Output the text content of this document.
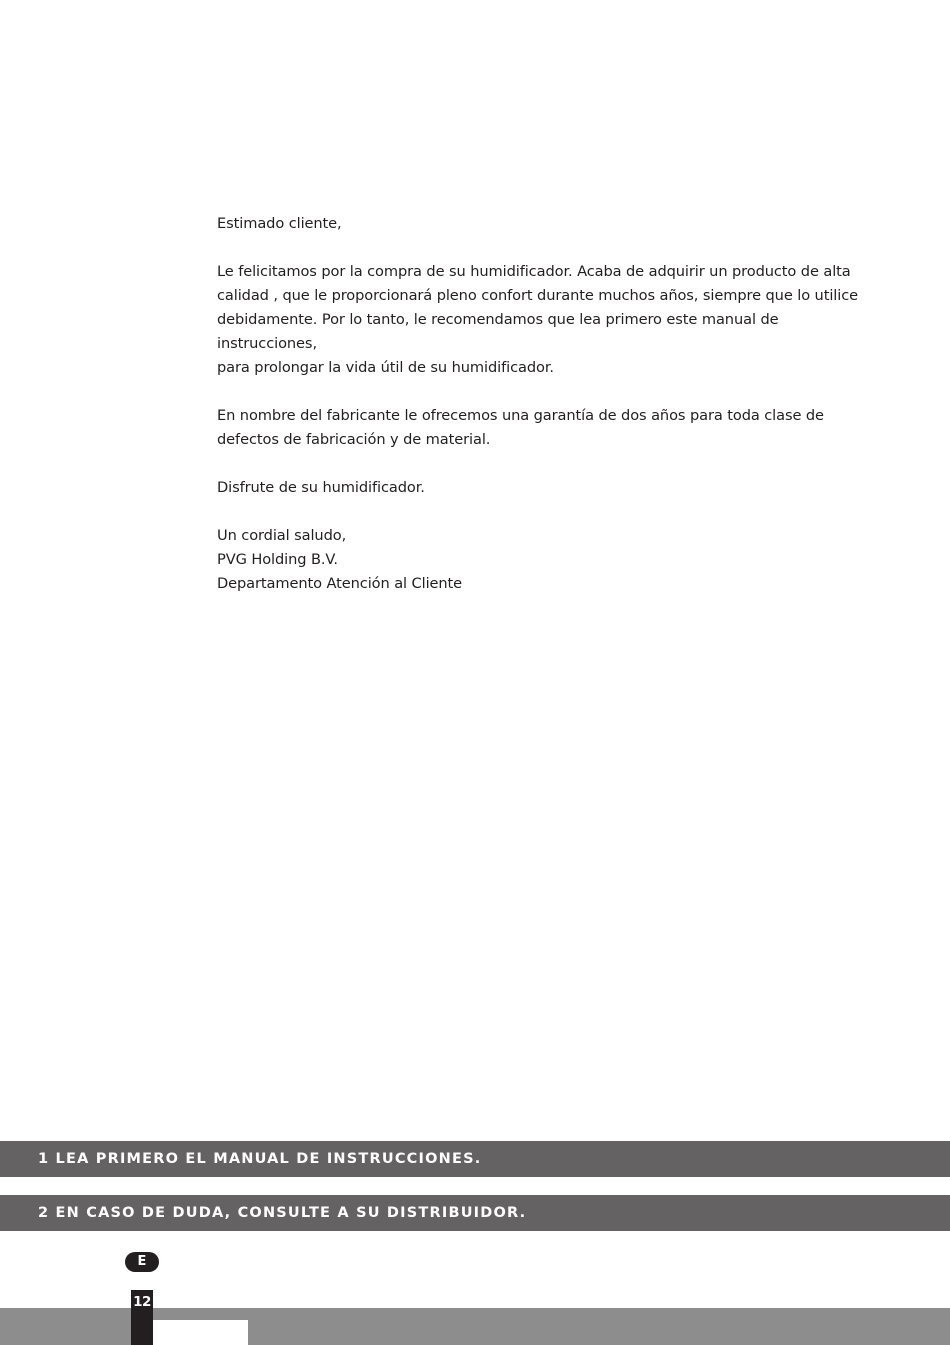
Estimado cliente,

Le felicitamos por la compra de su humidificador. Acaba de adquirir un producto de alta
calidad , que le proporcionará pleno confort durante muchos años, siempre que lo utilice
debidamente. Por lo tanto, le recomendamos que lea primero este manual de instrucciones,
para prolongar la vida útil de su humidificador.

En nombre del fabricante le ofrecemos una garantía de dos años para toda clase de
defectos de fabricación y de material.

Disfrute de su humidificador.

Un cordial saludo,

PVG Holding B.V.

Departamento Atención al Cliente

1 LEA PRIMERO EL MANUAL DE INSTRUCCIONES.
2 EN CASO DE DUDA, CONSULTE A SU DISTRIBUIDOR.
E
12
